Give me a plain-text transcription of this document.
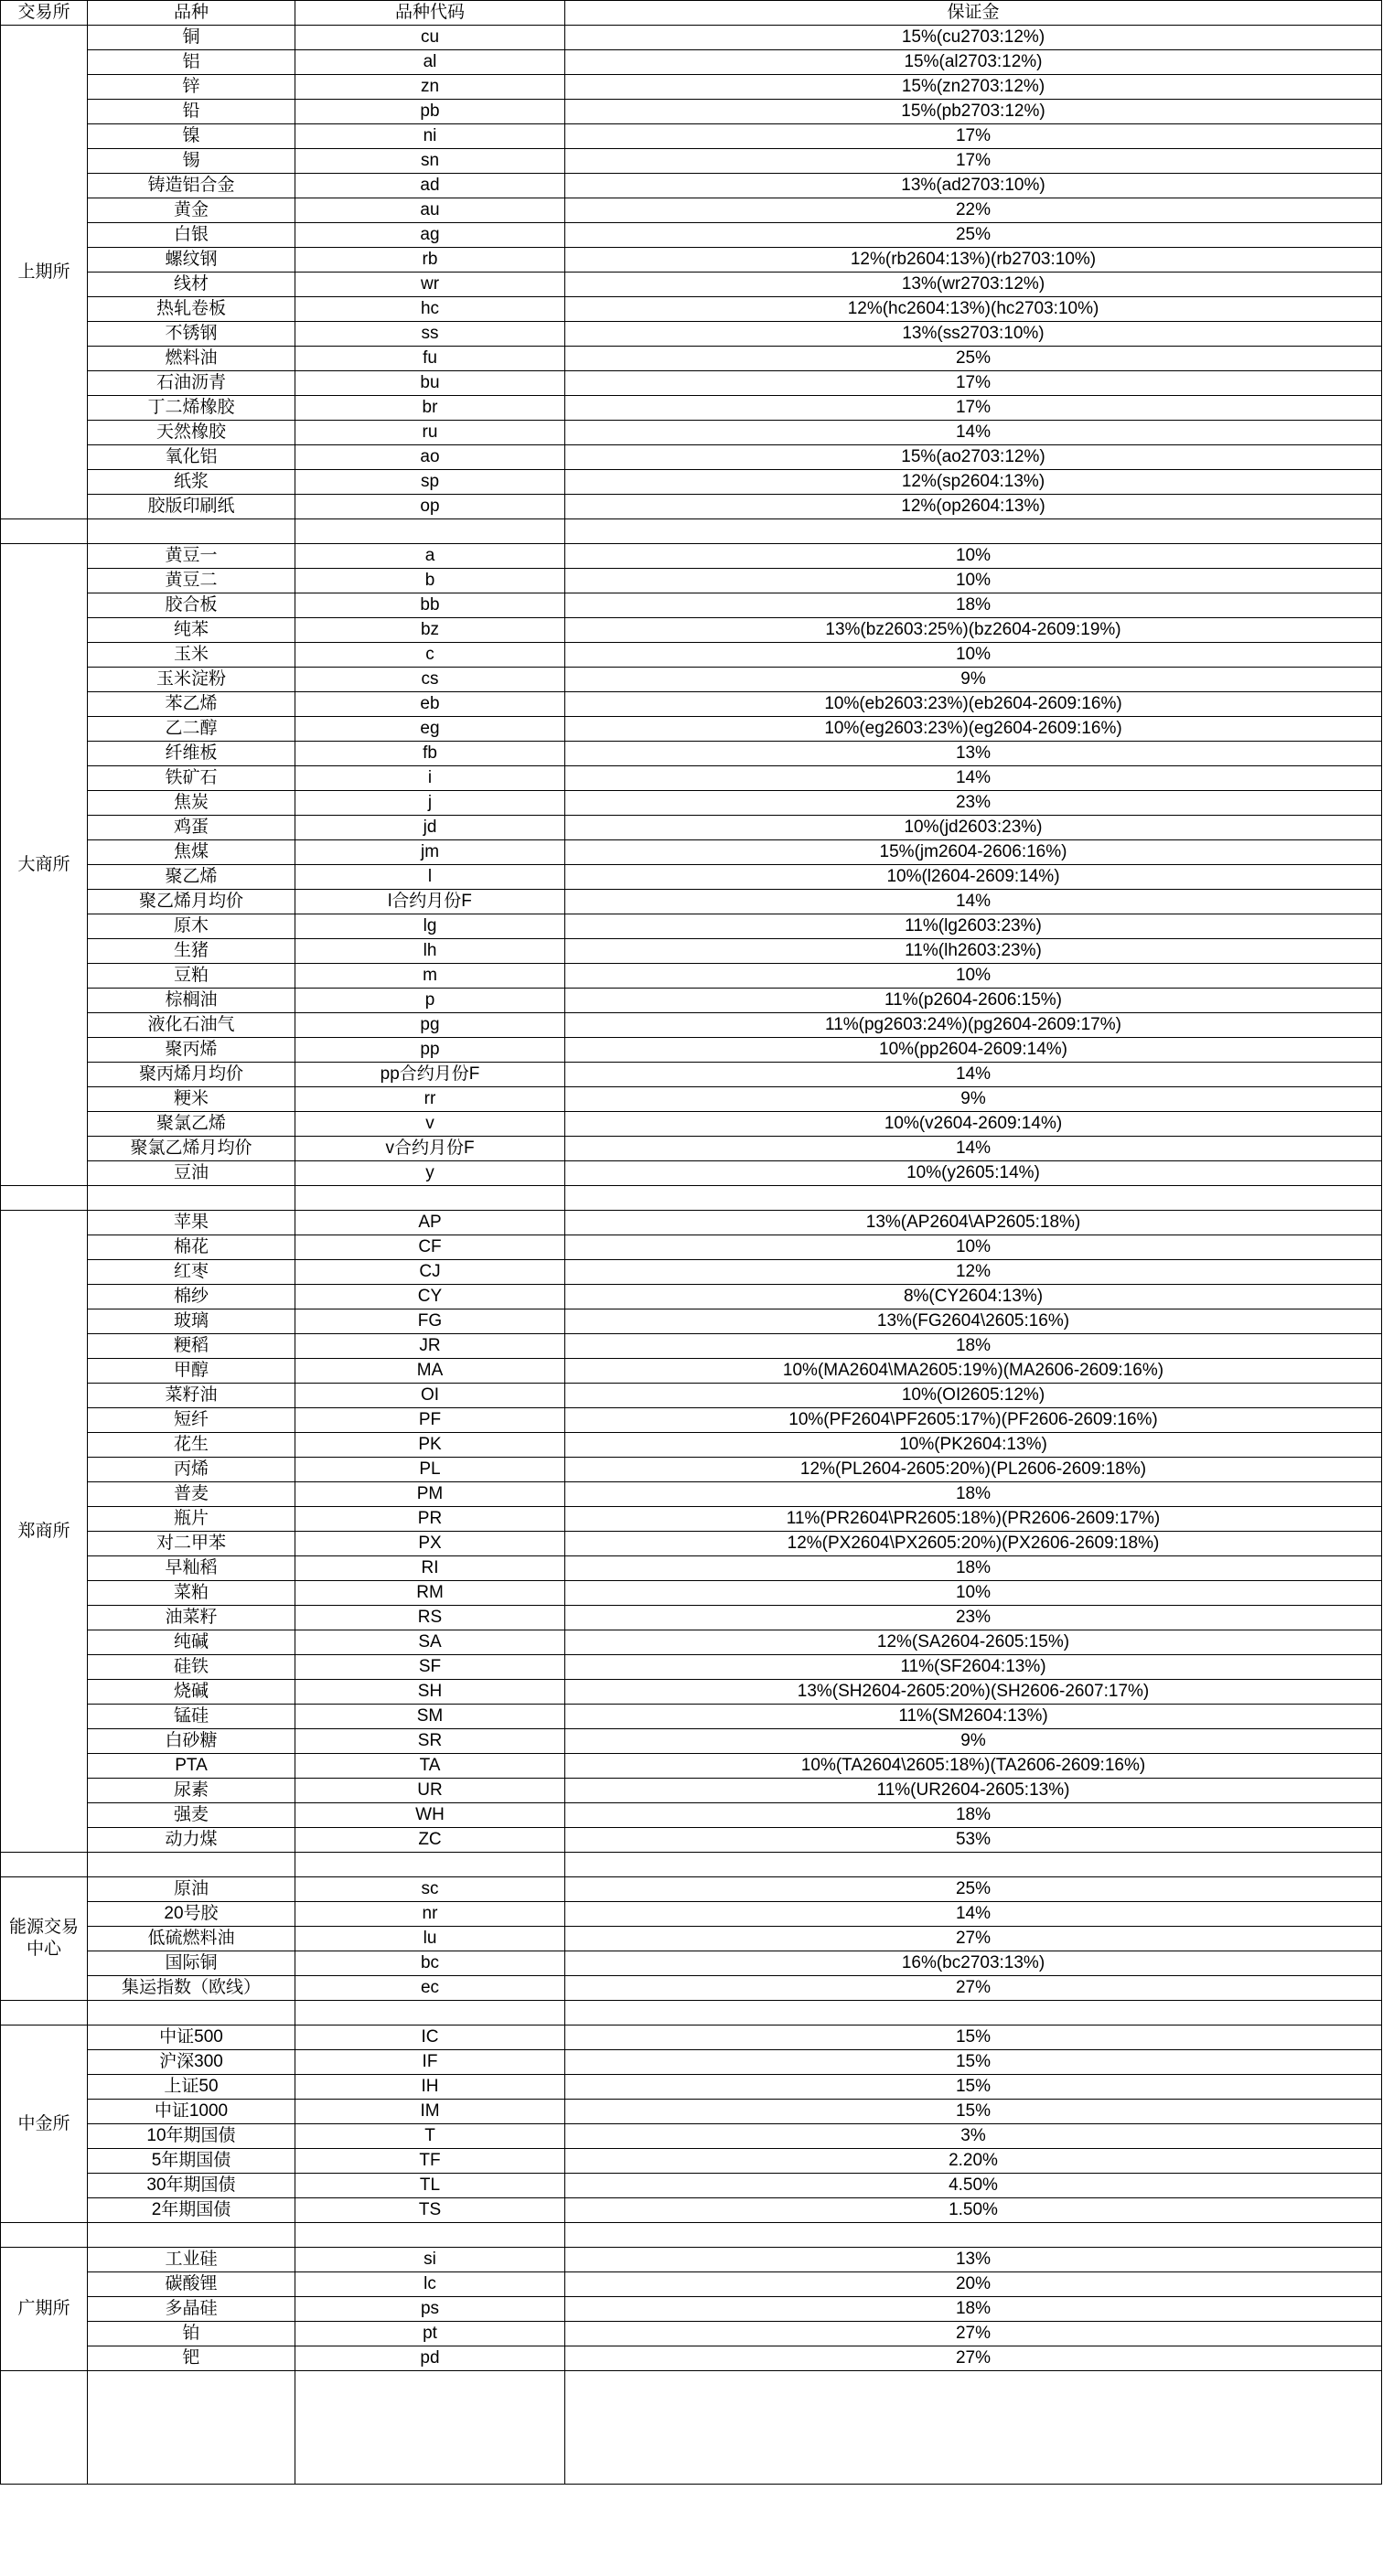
交易所	品种	品种代码	保证金
上期所	铜	cu	15%(cu2703:12%)
	铝	al	15%(al2703:12%)
	锌	zn	15%(zn2703:12%)
	铅	pb	15%(pb2703:12%)
	镍	ni	17%
	锡	sn	17%
	铸造铝合金	ad	13%(ad2703:10%)
	黄金	au	22%
	白银	ag	25%
	螺纹钢	rb	12%(rb2604:13%)(rb2703:10%)
	线材	wr	13%(wr2703:12%)
	热轧卷板	hc	12%(hc2604:13%)(hc2703:10%)
	不锈钢	ss	13%(ss2703:10%)
	燃料油	fu	25%
	石油沥青	bu	17%
	丁二烯橡胶	br	17%
	天然橡胶	ru	14%
	氧化铝	ao	15%(ao2703:12%)
	纸浆	sp	12%(sp2604:13%)
	胶版印刷纸	op	12%(op2604:13%)

大商所	黄豆一	a	10%
	黄豆二	b	10%
	胶合板	bb	18%
	纯苯	bz	13%(bz2603:25%)(bz2604-2609:19%)
	玉米	c	10%
	玉米淀粉	cs	9%
	苯乙烯	eb	10%(eb2603:23%)(eb2604-2609:16%)
	乙二醇	eg	10%(eg2603:23%)(eg2604-2609:16%)
	纤维板	fb	13%
	铁矿石	i	14%
	焦炭	j	23%
	鸡蛋	jd	10%(jd2603:23%)
	焦煤	jm	15%(jm2604-2606:16%)
	聚乙烯	l	10%(l2604-2609:14%)
	聚乙烯月均价	l合约月份F	14%
	原木	lg	11%(lg2603:23%)
	生猪	lh	11%(lh2603:23%)
	豆粕	m	10%
	棕榈油	p	11%(p2604-2606:15%)
	液化石油气	pg	11%(pg2603:24%)(pg2604-2609:17%)
	聚丙烯	pp	10%(pp2604-2609:14%)
	聚丙烯月均价	pp合约月份F	14%
	粳米	rr	9%
	聚氯乙烯	v	10%(v2604-2609:14%)
	聚氯乙烯月均价	v合约月份F	14%
	豆油	y	10%(y2605:14%)

郑商所	苹果	AP	13%(AP2604\AP2605:18%)
	棉花	CF	10%
	红枣	CJ	12%
	棉纱	CY	8%(CY2604:13%)
	玻璃	FG	13%(FG2604\2605:16%)
	粳稻	JR	18%
	甲醇	MA	10%(MA2604\MA2605:19%)(MA2606-2609:16%)
	菜籽油	OI	10%(OI2605:12%)
	短纤	PF	10%(PF2604\PF2605:17%)(PF2606-2609:16%)
	花生	PK	10%(PK2604:13%)
	丙烯	PL	12%(PL2604-2605:20%)(PL2606-2609:18%)
	普麦	PM	18%
	瓶片	PR	11%(PR2604\PR2605:18%)(PR2606-2609:17%)
	对二甲苯	PX	12%(PX2604\PX2605:20%)(PX2606-2609:18%)
	早籼稻	RI	18%
	菜粕	RM	10%
	油菜籽	RS	23%
	纯碱	SA	12%(SA2604-2605:15%)
	硅铁	SF	11%(SF2604:13%)
	烧碱	SH	13%(SH2604-2605:20%)(SH2606-2607:17%)
	锰硅	SM	11%(SM2604:13%)
	白砂糖	SR	9%
	PTA	TA	10%(TA2604\2605:18%)(TA2606-2609:16%)
	尿素	UR	11%(UR2604-2605:13%)
	强麦	WH	18%
	动力煤	ZC	53%

能源交易中心	原油	sc	25%
	20号胶	nr	14%
	低硫燃料油	lu	27%
	国际铜	bc	16%(bc2703:13%)
	集运指数（欧线）	ec	27%

中金所	中证500	IC	15%
	沪深300	IF	15%
	上证50	IH	15%
	中证1000	IM	15%
	10年期国债	T	3%
	5年期国债	TF	2.20%
	30年期国债	TL	4.50%
	2年期国债	TS	1.50%

广期所	工业硅	si	13%
	碳酸锂	lc	20%
	多晶硅	ps	18%
	铂	pt	27%
	钯	pd	27%
